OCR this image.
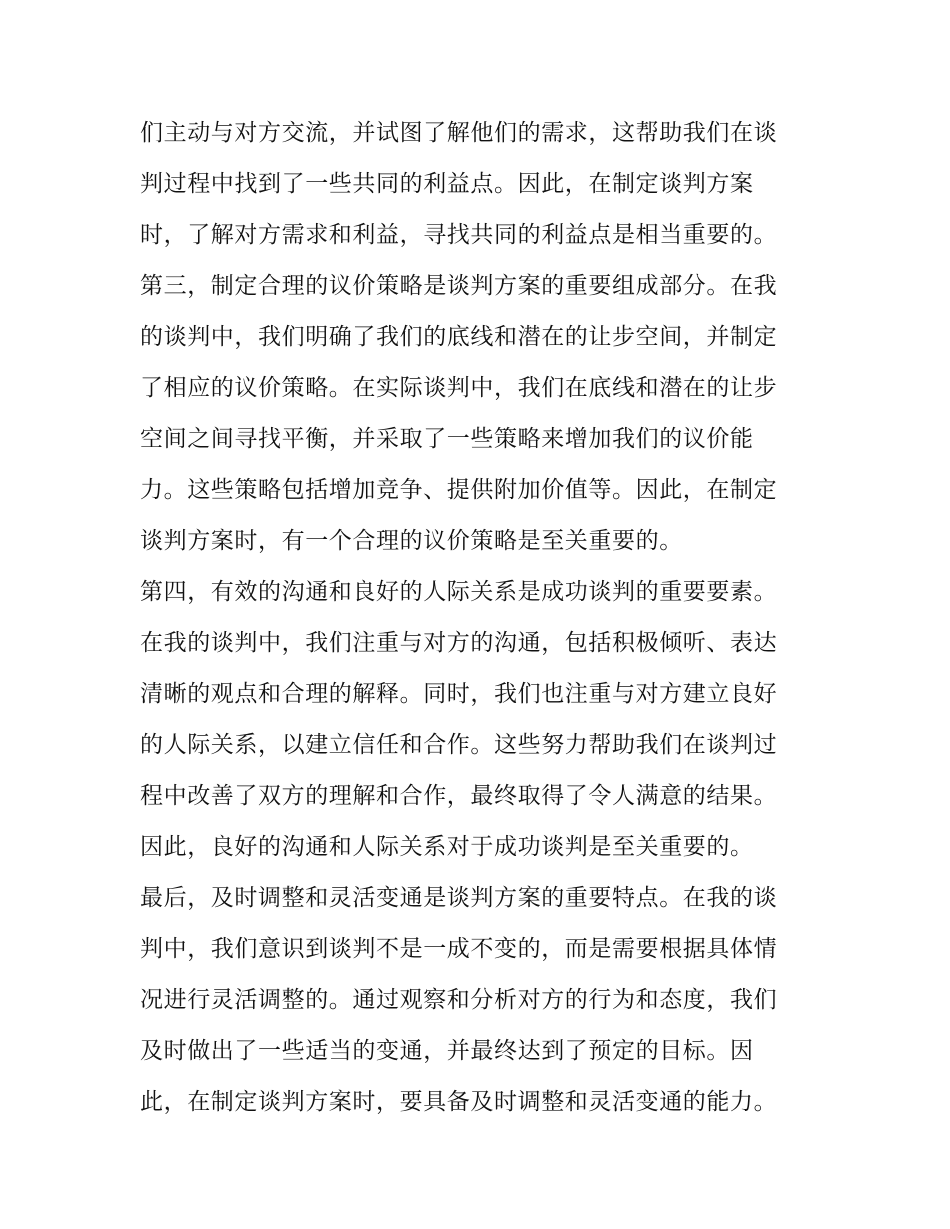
们主动与对方交流，并试图了解他们的需求，这帮助我们在谈
判过程中找到了一些共同的利益点。因此，在制定谈判方案
时，了解对方需求和利益，寻找共同的利益点是相当重要的。
第三，制定合理的议价策略是谈判方案的重要组成部分。在我
的谈判中，我们明确了我们的底线和潜在的让步空间，并制定
了相应的议价策略。在实际谈判中，我们在底线和潜在的让步
空间之间寻找平衡，并采取了一些策略来增加我们的议价能
力。这些策略包括增加竞争、提供附加价值等。因此，在制定
谈判方案时，有一个合理的议价策略是至关重要的。
第四，有效的沟通和良好的人际关系是成功谈判的重要要素。
在我的谈判中，我们注重与对方的沟通，包括积极倾听、表达
清晰的观点和合理的解释。同时，我们也注重与对方建立良好
的人际关系，以建立信任和合作。这些努力帮助我们在谈判过
程中改善了双方的理解和合作，最终取得了令人满意的结果。
因此，良好的沟通和人际关系对于成功谈判是至关重要的。
最后，及时调整和灵活变通是谈判方案的重要特点。在我的谈
判中，我们意识到谈判不是一成不变的，而是需要根据具体情
况进行灵活调整的。通过观察和分析对方的行为和态度，我们
及时做出了一些适当的变通，并最终达到了预定的目标。因
此，在制定谈判方案时，要具备及时调整和灵活变通的能力。
